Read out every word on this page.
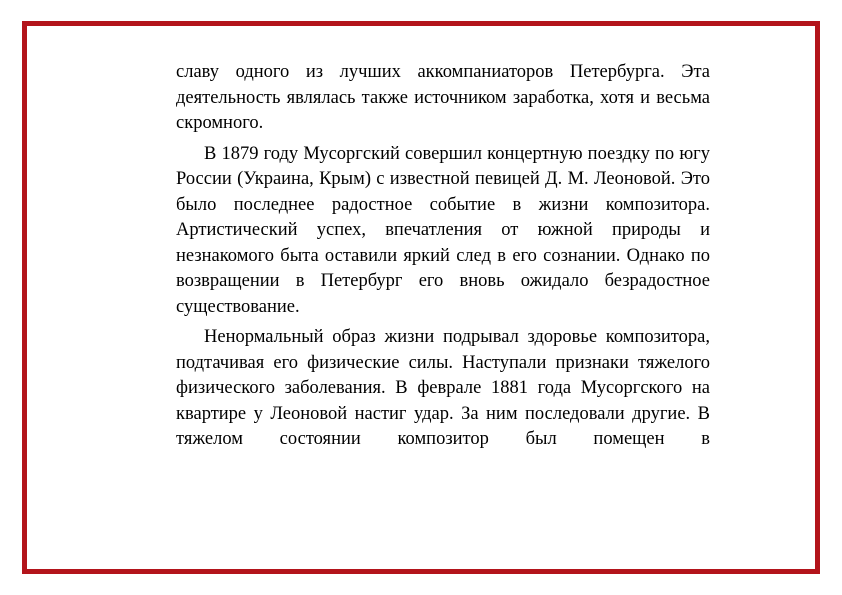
славу одного из лучших аккомпаниаторов Петербурга. Эта деятельность являлась также источником заработка, хотя и весьма скромного.

В 1879 году Мусоргский совершил концертную поездку по югу России (Украина, Крым) с известной певицей Д. М. Леоновой. Это было последнее радостное событие в жизни композитора. Артистический успех, впечатления от южной природы и незнакомого быта оставили яркий след в его сознании. Однако по возвращении в Петербург его вновь ожидало безрадостное существование.

Ненормальный образ жизни подрывал здоровье композитора, подтачивая его физические силы. Наступали признаки тяжелого физического заболевания. В феврале 1881 года Мусоргского на квартире у Леоновой настиг удар. За ним последовали другие. В тяжелом состоянии композитор был помещен в
